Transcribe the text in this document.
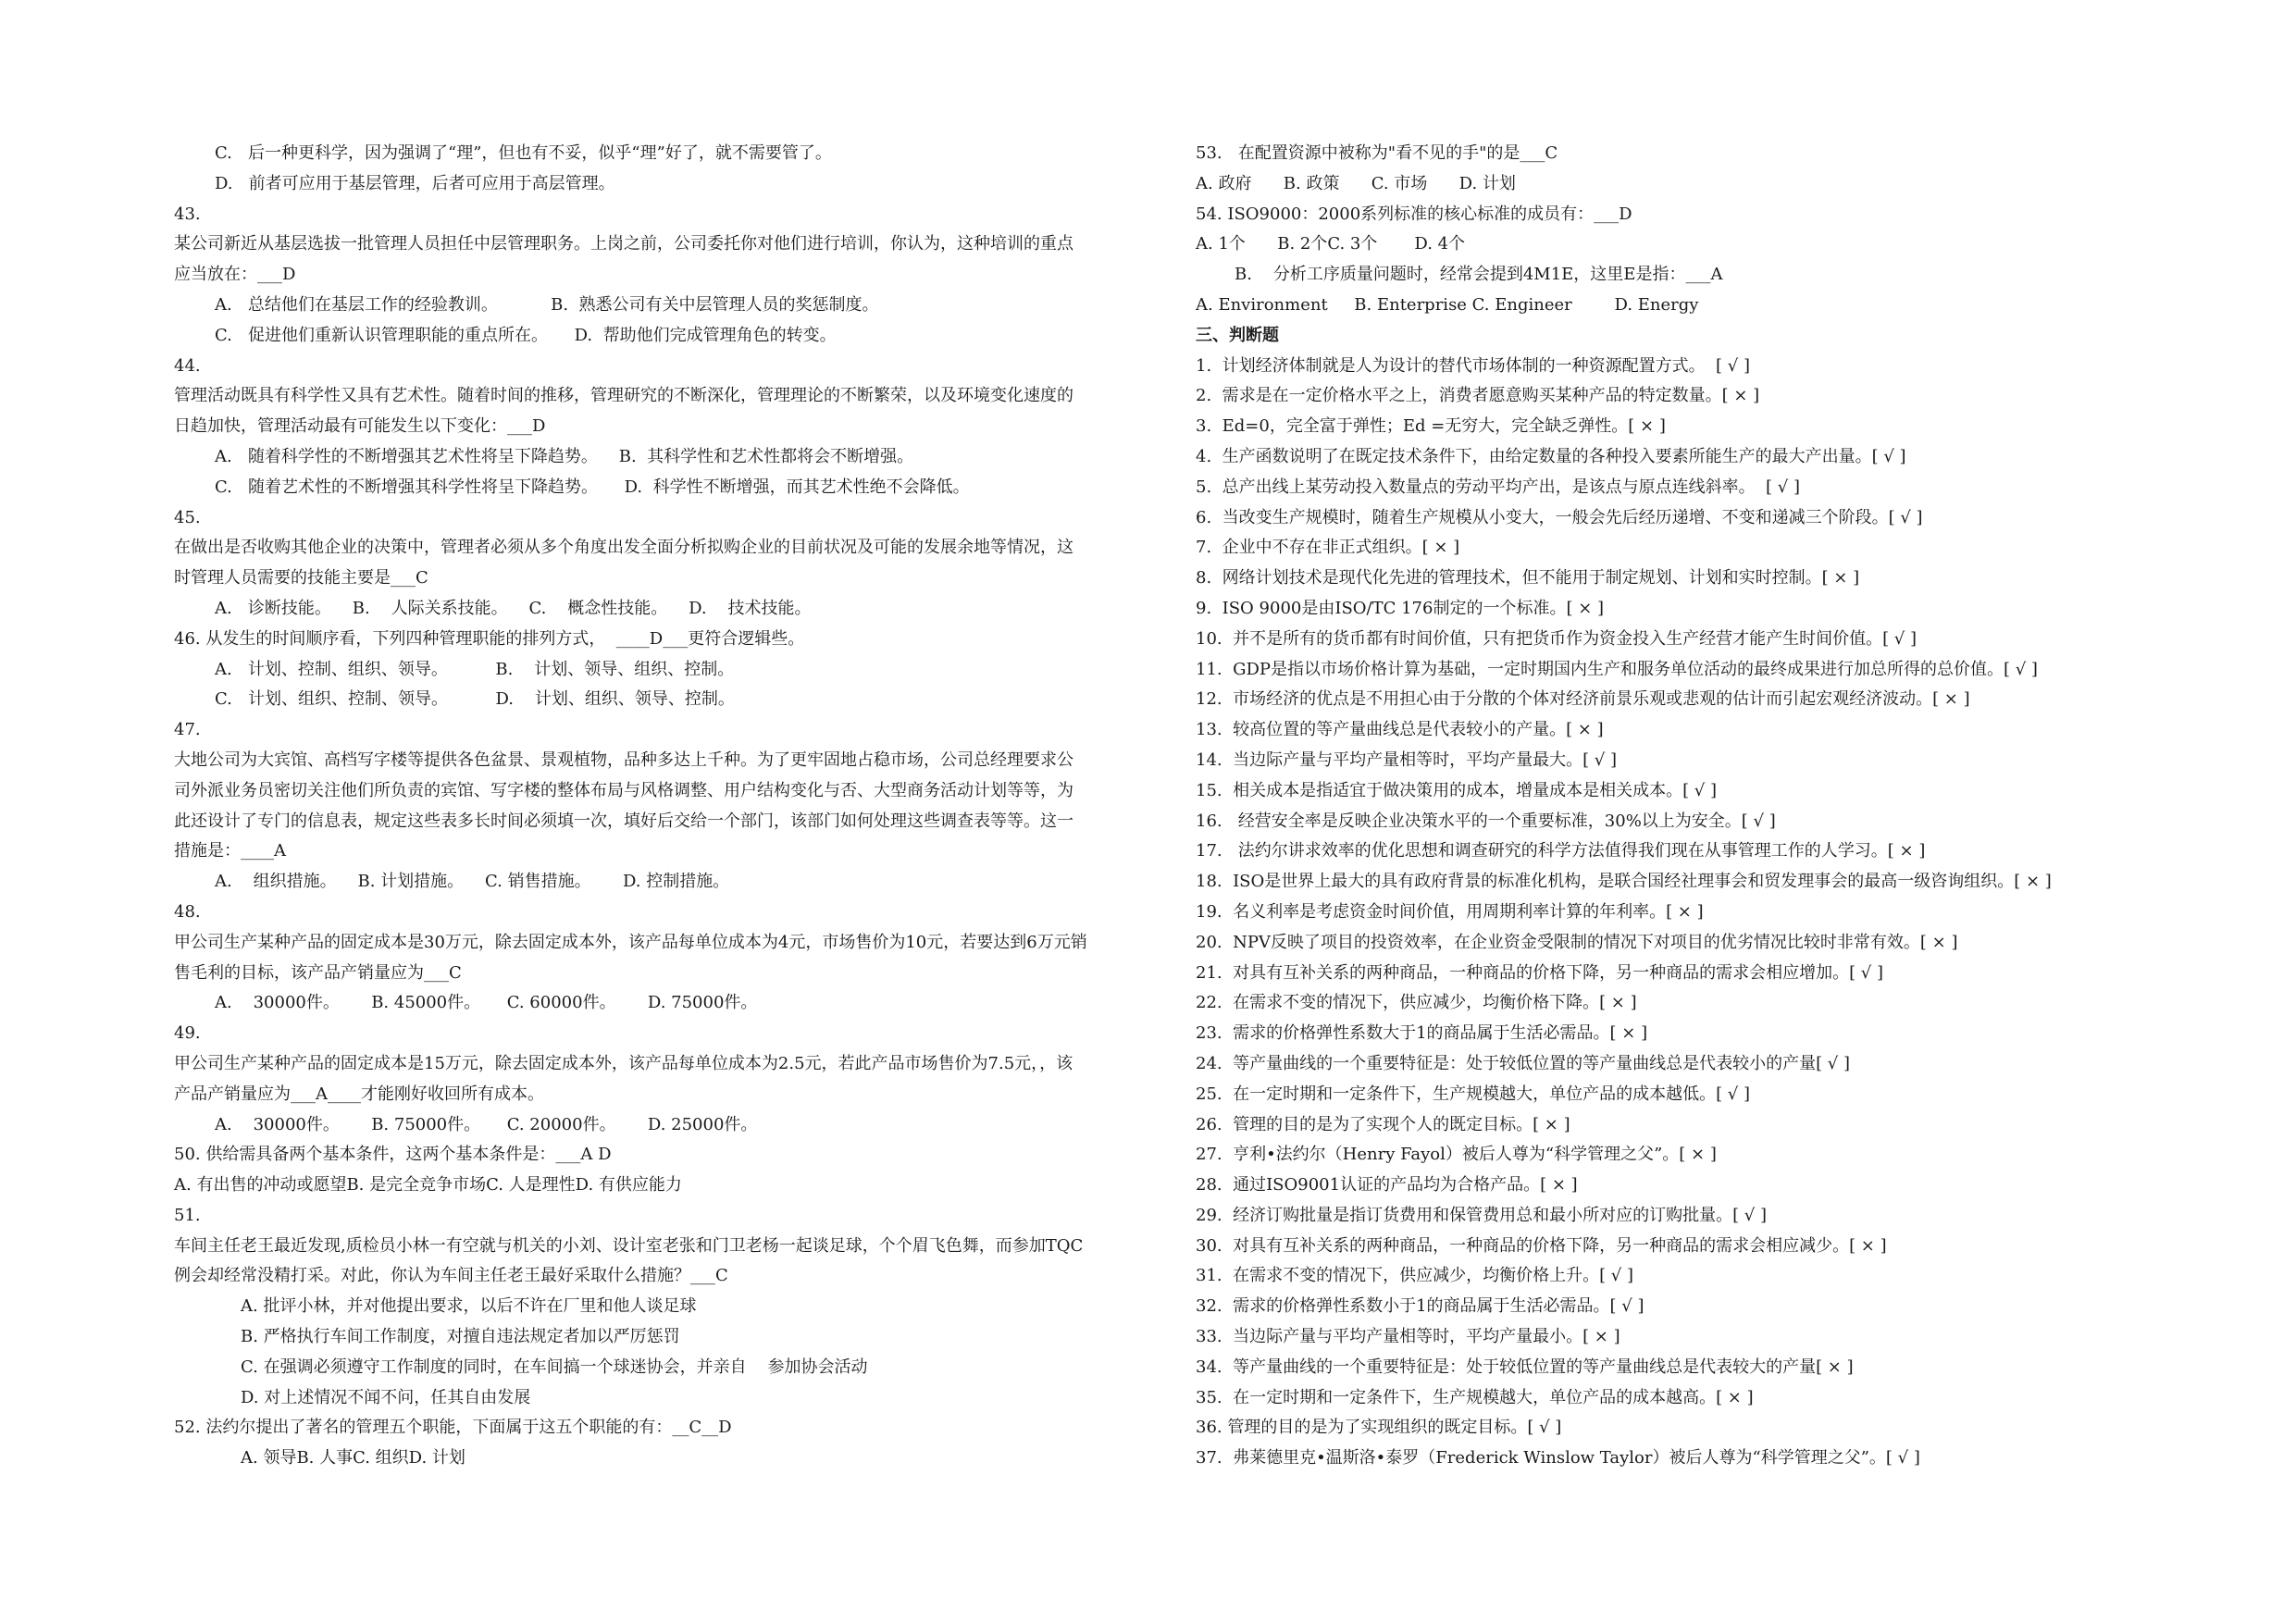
C.   后一种更科学，因为强调了“理”，但也有不妥，似乎“理”好了，就不需要管了。
D.   前者可应用于基层管理，后者可应用于高层管理。
43.
某公司新近从基层选拔一批管理人员担任中层管理职务。上岗之前，公司委托你对他们进行培训，你认为，这种培训的重点
应当放在：___D
A.   总结他们在基层工作的经验教训。          B.  熟悉公司有关中层管理人员的奖惩制度。
C.   促进他们重新认识管理职能的重点所在。     D.  帮助他们完成管理角色的转变。
44.
管理活动既具有科学性又具有艺术性。随着时间的推移，管理研究的不断深化，管理理论的不断繁荣，以及环境变化速度的
日趋加快，管理活动最有可能发生以下变化：___D
A.   随着科学性的不断增强其艺术性将呈下降趋势。    B.  其科学性和艺术性都将会不断增强。
C.   随着艺术性的不断增强其科学性将呈下降趋势。     D.  科学性不断增强，而其艺术性绝不会降低。
45.
在做出是否收购其他企业的决策中，管理者必须从多个角度出发全面分析拟购企业的目前状况及可能的发展余地等情况，这
时管理人员需要的技能主要是___C
A.   诊断技能。    B.    人际关系技能。    C.    概念性技能。    D.    技术技能。
46. 从发生的时间顺序看，下列四种管理职能的排列方式，  ____D___更符合逻辑些。
A.   计划、控制、组织、领导。         B.    计划、领导、组织、控制。
C.   计划、组织、控制、领导。         D.    计划、组织、领导、控制。
47.
大地公司为大宾馆、高档写字楼等提供各色盆景、景观植物，品种多达上千种。为了更牢固地占稳市场，公司总经理要求公
司外派业务员密切关注他们所负责的宾馆、写字楼的整体布局与风格调整、用户结构变化与否、大型商务活动计划等等，为
此还设计了专门的信息表，规定这些表多长时间必须填一次，填好后交给一个部门，该部门如何处理这些调查表等等。这一
措施是：____A
A.    组织措施。    B. 计划措施。    C. 销售措施。      D. 控制措施。
48.
甲公司生产某种产品的固定成本是30万元，除去固定成本外，该产品每单位成本为4元，市场售价为10元，若要达到6万元销
售毛利的目标，该产品产销量应为___C
A.    30000件。      B. 45000件。     C. 60000件。      D. 75000件。
49.
甲公司生产某种产品的固定成本是15万元，除去固定成本外，该产品每单位成本为2.5元，若此产品市场售价为7.5元，，该
产品产销量应为___A____才能刚好收回所有成本。
A.    30000件。      B. 75000件。     C. 20000件。      D. 25000件。
50. 供给需具备两个基本条件，这两个基本条件是：___A D
A. 有出售的冲动或愿望B. 是完全竞争市场C. 人是理性D. 有供应能力
51.
车间主任老王最近发现,质检员小林一有空就与机关的小刘、设计室老张和门卫老杨一起谈足球，个个眉飞色舞，而参加TQC
例会却经常没精打采。对此，你认为车间主任老王最好采取什么措施？___C
A. 批评小林，并对他提出要求，以后不许在厂里和他人谈足球
B. 严格执行车间工作制度，对擅自违法规定者加以严厉惩罚
C. 在强调必须遵守工作制度的同时，在车间搞一个球迷协会，并亲自    参加协会活动
D. 对上述情况不闻不问，任其自由发展
52. 法约尔提出了著名的管理五个职能，下面属于这五个职能的有：__C__D
A. 领导B. 人事C. 组织D. 计划
53.   在配置资源中被称为"看不见的手"的是___C
A. 政府      B. 政策      C. 市场      D. 计划
54. ISO9000：2000系列标准的核心标准的成员有：___D
A. 1个      B. 2个C. 3个       D. 4个
B.    分析工序质量问题时，经常会提到4M1E，这里E是指：___A
A. Environment     B. Enterprise C. Engineer        D. Energy
三、判断题
1.  计划经济体制就是人为设计的替代市场体制的一种资源配置方式。  [ √ ]
2.  需求是在一定价格水平之上，消费者愿意购买某种产品的特定数量。[ × ]
3.  Ed=0，完全富于弹性；Ed =无穷大，完全缺乏弹性。[ × ]
4.  生产函数说明了在既定技术条件下，由给定数量的各种投入要素所能生产的最大产出量。[ √ ]
5.  总产出线上某劳动投入数量点的劳动平均产出，是该点与原点连线斜率。  [ √ ]
6.  当改变生产规模时，随着生产规模从小变大，一般会先后经历递增、不变和递减三个阶段。[ √ ]
7.  企业中不存在非正式组织。[ × ]
8.  网络计划技术是现代化先进的管理技术，但不能用于制定规划、计划和实时控制。[ × ]
9.  ISO 9000是由ISO/TC 176制定的一个标准。[ × ]
10.  并不是所有的货币都有时间价值，只有把货币作为资金投入生产经营才能产生时间价值。[ √ ]
11.  GDP是指以市场价格计算为基础，一定时期国内生产和服务单位活动的最终成果进行加总所得的总价值。[ √ ]
12.  市场经济的优点是不用担心由于分散的个体对经济前景乐观或悲观的估计而引起宏观经济波动。[ × ]
13.  较高位置的等产量曲线总是代表较小的产量。[ × ]
14.  当边际产量与平均产量相等时，平均产量最大。[ √ ]
15.  相关成本是指适宜于做决策用的成本，增量成本是相关成本。[ √ ]
16.   经营安全率是反映企业决策水平的一个重要标准，30%以上为安全。[ √ ]
17.   法约尔讲求效率的优化思想和调查研究的科学方法值得我们现在从事管理工作的人学习。[ × ]
18.  ISO是世界上最大的具有政府背景的标准化机构，是联合国经社理事会和贸发理事会的最高一级咨询组织。[ × ]
19.  名义利率是考虑资金时间价值，用周期利率计算的年利率。[ × ]
20.  NPV反映了项目的投资效率，在企业资金受限制的情况下对项目的优劣情况比较时非常有效。[ × ]
21.  对具有互补关系的两种商品，一种商品的价格下降，另一种商品的需求会相应增加。[ √ ]
22.  在需求不变的情况下，供应减少，均衡价格下降。[ × ]
23.  需求的价格弹性系数大于1的商品属于生活必需品。[ × ]
24.  等产量曲线的一个重要特征是：处于较低位置的等产量曲线总是代表较小的产量[ √ ]
25.  在一定时期和一定条件下，生产规模越大，单位产品的成本越低。[ √ ]
26.  管理的目的是为了实现个人的既定目标。[ × ]
27.  亨利•法约尔（Henry Fayol）被后人尊为“科学管理之父”。[ × ]
28.  通过ISO9001认证的产品均为合格产品。[ × ]
29.  经济订购批量是指订货费用和保管费用总和最小所对应的订购批量。[ √ ]
30.  对具有互补关系的两种商品，一种商品的价格下降，另一种商品的需求会相应减少。[ × ]
31.  在需求不变的情况下，供应减少，均衡价格上升。[ √ ]
32.  需求的价格弹性系数小于1的商品属于生活必需品。[ √ ]
33.  当边际产量与平均产量相等时，平均产量最小。[ × ]
34.  等产量曲线的一个重要特征是：处于较低位置的等产量曲线总是代表较大的产量[ × ]
35.  在一定时期和一定条件下，生产规模越大，单位产品的成本越高。[ × ]
36. 管理的目的是为了实现组织的既定目标。[ √ ]
37.  弗莱德里克•温斯洛•泰罗（Frederick Winslow Taylor）被后人尊为“科学管理之父”。[ √ ]
